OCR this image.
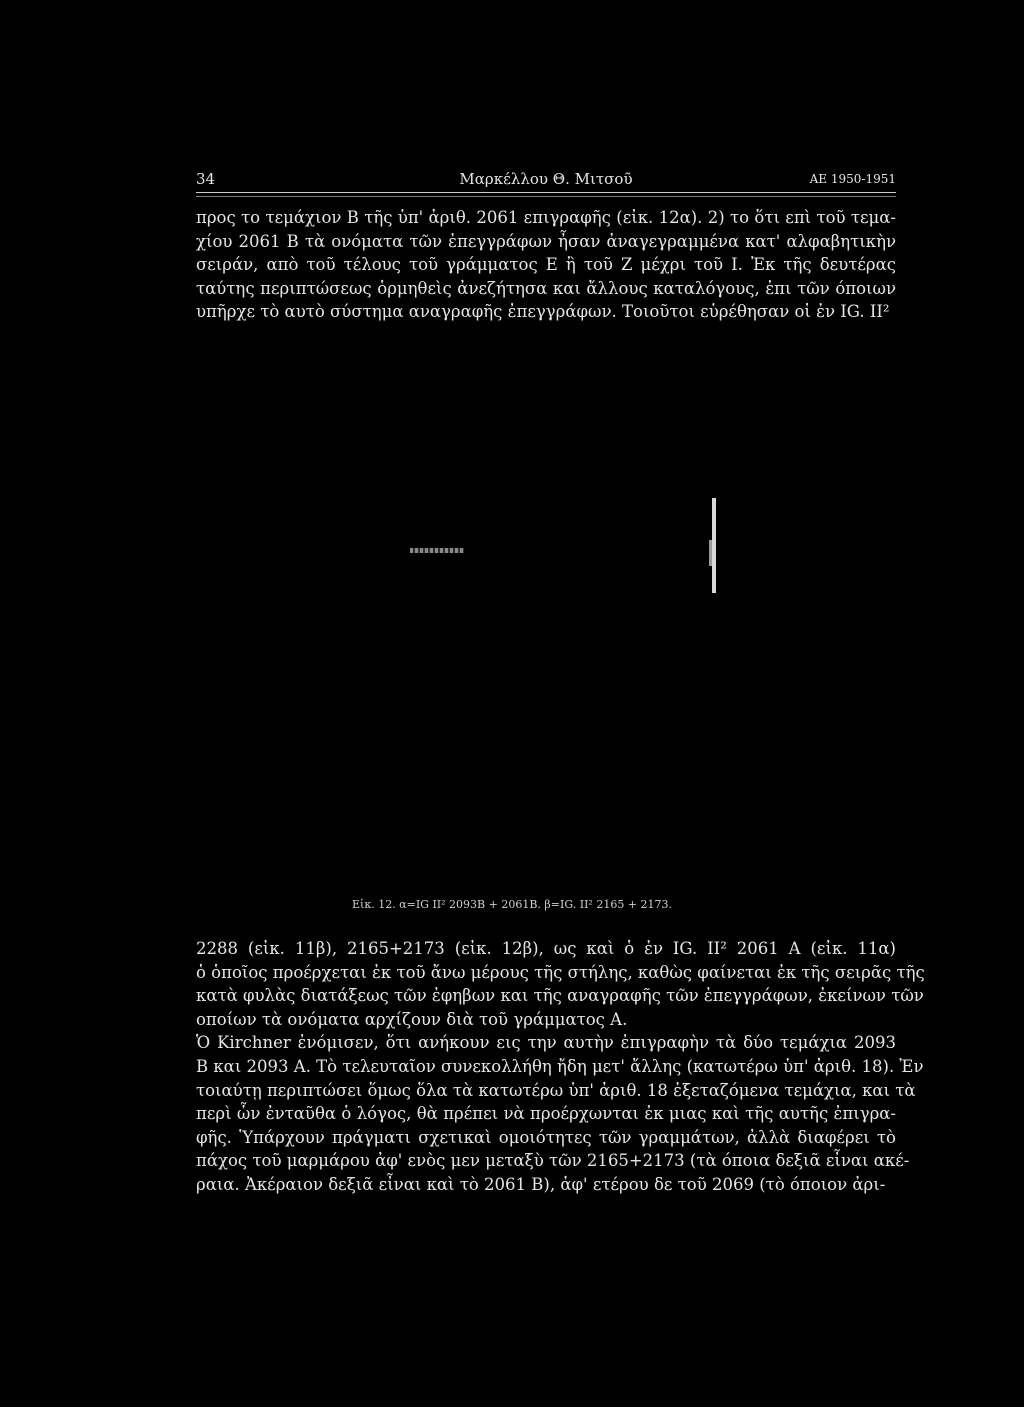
34	Μαρκέλλου Θ. Μιτσοῦ	ΑΕ 1950-1951

προς το τεμάχιον Β τῆς ὑπ' ἀριθ. 2061 επιγραφῆς (εἰκ. 12α). 2) το ὅτι επὶ τοῦ τεμα-
χίου 2061 Β τὰ ονόματα τῶν ἐπεγγράφων ἦσαν ἀναγεγραμμένα κατ' αλφαβητικὴν
σειράν, απὸ τοῦ τέλους τοῦ γράμματος Ε ἢ τοῦ Ζ μέχρι τοῦ Ι. Ἐκ τῆς δευτέρας
ταύτης περιπτώσεως ὁρμηθεὶς ἀνεζήτησα και ἄλλους καταλόγους, ἐπι τῶν όποιων
υπῆρχε τὸ αυτὸ σύστημα αναγραφῆς ἐπεγγράφων. Τοιοῦτοι εὑρέθησαν οἱ ἐν IG. II²

Εἰκ. 12. α=IG II² 2093Β + 2061Β. β=IG. II² 2165 + 2173.

2288 (εἰκ. 11β), 2165+2173 (εἰκ. 12β), ως καὶ ὁ ἐν IG. II² 2061 Α (εἰκ. 11α)
ὁ ὁποῖος προέρχεται ἐκ τοῦ ἄνω μέρους τῆς στήλης, καθὼς φαίνεται ἐκ τῆς σειρᾶς τῆς
κατὰ φυλὰς διατάξεως τῶν ἐφηβων και τῆς αναγραφῆς τῶν ἐπεγγράφων, ἐκείνων τῶν
οποίων τὰ ονόματα αρχίζουν διὰ τοῦ γράμματος Α.
Ὁ Kirchner ἐνόμισεν, ὅτι ανήκουν εις την αυτὴν ἐπιγραφὴν τὰ δύο τεμάχια 2093
Β και 2093 Α. Τὸ τελευταῖον συνεκολλήθη ἤδη μετ' ἄλλης (κατωτέρω ὑπ' ἀριθ. 18). Ἐν
τοιαύτῃ περιπτώσει ὅμως ὅλα τὰ κατωτέρω ὑπ' ἀριθ. 18 ἐξεταζόμενα τεμάχια, και τὰ
περὶ ὧν ἐνταῦθα ὁ λόγος, θὰ πρέπει νὰ προέρχωνται ἐκ μιας καὶ τῆς αυτῆς ἐπιγρα-
φῆς. Ὑπάρχουν πράγματι σχετικαὶ ομοιότητες τῶν γραμμάτων, ἀλλὰ διαφέρει τὸ
πάχος τοῦ μαρμάρου ἀφ' ενὸς μεν μεταξὺ τῶν 2165+2173 (τὰ όποια δεξιᾶ εἶναι ακέ-
ραια. Ἀκέραιον δεξιᾶ εἶναι καὶ τὸ 2061 Β), ἀφ' ετέρου δε τοῦ 2069 (τὸ όποιον ἀρι-
